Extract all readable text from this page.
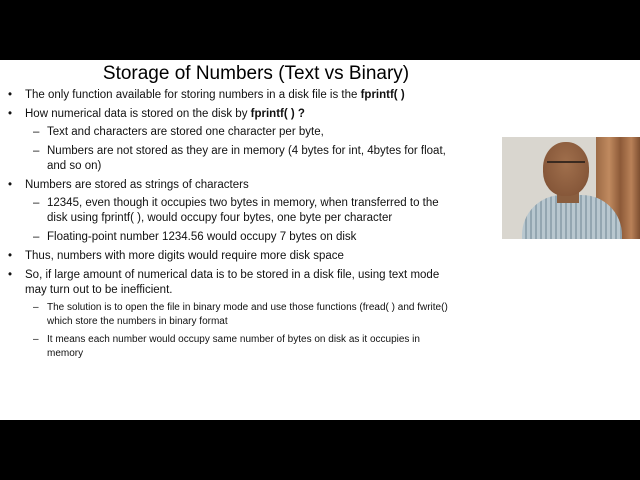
Storage of Numbers (Text vs Binary)
• The only function available for storing numbers in a disk file is the fprintf( )
• How numerical data is stored on the disk by fprintf( ) ?
– Text and characters are stored one character per byte,
– Numbers are not stored as they are in memory (4 bytes for int, 4bytes for float, and so on)
• Numbers are stored as strings of characters
– 12345, even though it occupies two bytes in memory, when transferred to the disk using fprintf( ), would occupy four bytes, one byte per character
– Floating-point number 1234.56 would occupy 7 bytes on disk
• Thus, numbers with more digits would require more disk space
• So, if large amount of numerical data is to be stored in a disk file, using text mode may turn out to be inefficient.
– The solution is to open the file in binary mode and use those functions (fread( ) and fwrite() which store the numbers in binary format
– It means each number would occupy same number of bytes on disk as it occupies in memory
